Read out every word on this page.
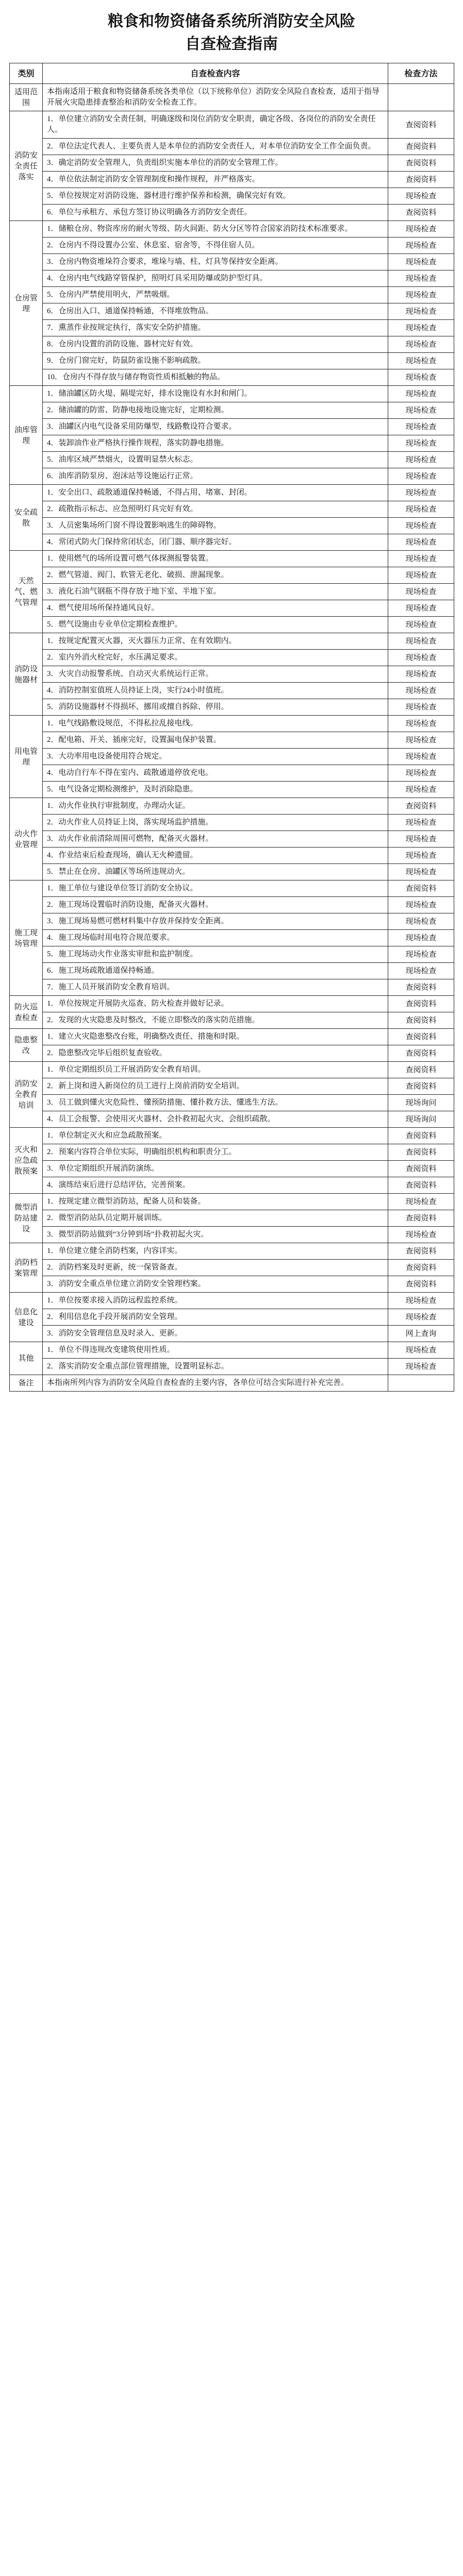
粮食和物资储备系统所消防安全风险
自查检查指南
类别	自查检查内容	检查方法
适用范围	本指南适用于粮食和物资储备系统各类单位（以下统称单位）消防安全风险自查检查，适用于指导开展火灾隐患排查整治和消防安全检查工作。	
消防安全责任落实	1．单位建立消防安全责任制，明确逐级和岗位消防安全职责，确定各级、各岗位的消防安全责任人。	查阅资料
	2．单位法定代表人、主要负责人是本单位的消防安全责任人，对本单位消防安全工作全面负责。	查阅资料
	3．确定消防安全管理人，负责组织实施本单位的消防安全管理工作。	查阅资料
	4．单位依法制定消防安全管理制度和操作规程，并严格落实。	查阅资料
	5．单位按规定对消防设施、器材进行维护保养和检测，确保完好有效。	现场检查
	6．单位与承租方、承包方签订协议明确各方消防安全责任。	查阅资料
仓房管理	1．储粮仓房、物资库房的耐火等级、防火间距、防火分区等符合国家消防技术标准要求。	现场检查
	2．仓房内不得设置办公室、休息室、宿舍等，不得住宿人员。	现场检查
	3．仓房内物资堆垛符合要求，堆垛与墙、柱、灯具等保持安全距离。	现场检查
	4．仓房内电气线路穿管保护，照明灯具采用防爆或防护型灯具。	现场检查
	5．仓房内严禁使用明火，严禁吸烟。	现场检查
	6．仓房出入口、通道保持畅通，不得堆放物品。	现场检查
	7．熏蒸作业按规定执行，落实安全防护措施。	现场检查
	8．仓房内设置的消防设施、器材完好有效。	现场检查
	9．仓房门窗完好，防鼠防雀设施不影响疏散。	现场检查
	10．仓房内不得存放与储存物资性质相抵触的物品。	现场检查
油库管理	1．储油罐区防火堤、隔堤完好，排水设施设有水封和闸门。	现场检查
	2．储油罐的防雷、防静电接地设施完好，定期检测。	现场检查
	3．油罐区内电气设备采用防爆型，线路敷设符合要求。	现场检查
	4．装卸油作业严格执行操作规程，落实防静电措施。	现场检查
	5．油库区域严禁烟火，设置明显禁火标志。	现场检查
	6．油库消防泵房、泡沫站等设施运行正常。	现场检查
安全疏散	1．安全出口、疏散通道保持畅通，不得占用、堵塞、封闭。	现场检查
	2．疏散指示标志、应急照明灯具完好有效。	现场检查
	3．人员密集场所门窗不得设置影响逃生的障碍物。	现场检查
	4．常闭式防火门保持常闭状态，闭门器、顺序器完好。	现场检查
天然气、燃气管理	1．使用燃气的场所设置可燃气体探测报警装置。	现场检查
	2．燃气管道、阀门、软管无老化、破损、泄漏现象。	现场检查
	3．液化石油气钢瓶不得存放于地下室、半地下室。	现场检查
	4．燃气使用场所保持通风良好。	现场检查
	5．燃气设施由专业单位定期检查维护。	现场检查
消防设施器材	1．按规定配置灭火器，灭火器压力正常、在有效期内。	现场检查
	2．室内外消火栓完好，水压满足要求。	现场检查
	3．火灾自动报警系统、自动灭火系统运行正常。	现场检查
	4．消防控制室值班人员持证上岗，实行24小时值班。	现场检查
	5．消防设施器材不得损坏、挪用或擅自拆除、停用。	现场检查
用电管理	1．电气线路敷设规范，不得私拉乱接电线。	现场检查
	2．配电箱、开关、插座完好，设置漏电保护装置。	现场检查
	3．大功率用电设备使用符合规定。	现场检查
	4．电动自行车不得在室内、疏散通道停放充电。	现场检查
	5．电气设备定期检测维护，及时消除隐患。	现场检查
动火作业管理	1．动火作业执行审批制度，办理动火证。	查阅资料
	2．动火作业人员持证上岗，落实现场监护措施。	现场检查
	3．动火作业前清除周围可燃物，配备灭火器材。	现场检查
	4．作业结束后检查现场，确认无火种遗留。	现场检查
	5．禁止在仓房、油罐区等场所违规动火。	现场检查
施工现场管理	1．施工单位与建设单位签订消防安全协议。	查阅资料
	2．施工现场设置临时消防设施，配备灭火器材。	现场检查
	3．施工现场易燃可燃材料集中存放并保持安全距离。	现场检查
	4．施工现场临时用电符合规范要求。	现场检查
	5．施工现场动火作业落实审批和监护制度。	现场检查
	6．施工现场疏散通道保持畅通。	现场检查
	7．施工人员开展消防安全教育培训。	查阅资料
防火巡查检查	1．单位按规定开展防火巡查、防火检查并做好记录。	查阅资料
	2．发现的火灾隐患及时整改，不能立即整改的落实防范措施。	查阅资料
隐患整改	1．建立火灾隐患整改台账，明确整改责任、措施和时限。	查阅资料
	2．隐患整改完毕后组织复查验收。	查阅资料
消防安全教育培训	1．单位定期组织员工开展消防安全教育培训。	查阅资料
	2．新上岗和进入新岗位的员工进行上岗前消防安全培训。	查阅资料
	3．员工做到懂火灾危险性、懂预防措施、懂扑救方法、懂逃生方法。	现场询问
	4．员工会报警、会使用灭火器材、会扑救初起火灾、会组织疏散。	现场询问
灭火和应急疏散预案	1．单位制定灭火和应急疏散预案。	查阅资料
	2．预案内容符合单位实际，明确组织机构和职责分工。	查阅资料
	3．单位定期组织开展消防演练。	查阅资料
	4．演练结束后进行总结评估，完善预案。	查阅资料
微型消防站建设	1．按规定建立微型消防站，配备人员和装备。	现场检查
	2．微型消防站队员定期开展训练。	查阅资料
	3．微型消防站做到“3分钟到场”扑救初起火灾。	现场检查
消防档案管理	1．单位建立健全消防档案，内容详实。	查阅资料
	2．消防档案及时更新，统一保管备查。	查阅资料
	3．消防安全重点单位建立消防安全管理档案。	查阅资料
信息化建设	1．单位按要求接入消防远程监控系统。	现场检查
	2．利用信息化手段开展消防安全管理。	现场检查
	3．消防安全管理信息及时录入、更新。	网上查询
其他	1．单位不得违规改变建筑使用性质。	现场检查
	2．落实消防安全重点部位管理措施，设置明显标志。	现场检查
备注	本指南所列内容为消防安全风险自查检查的主要内容，各单位可结合实际进行补充完善。	
